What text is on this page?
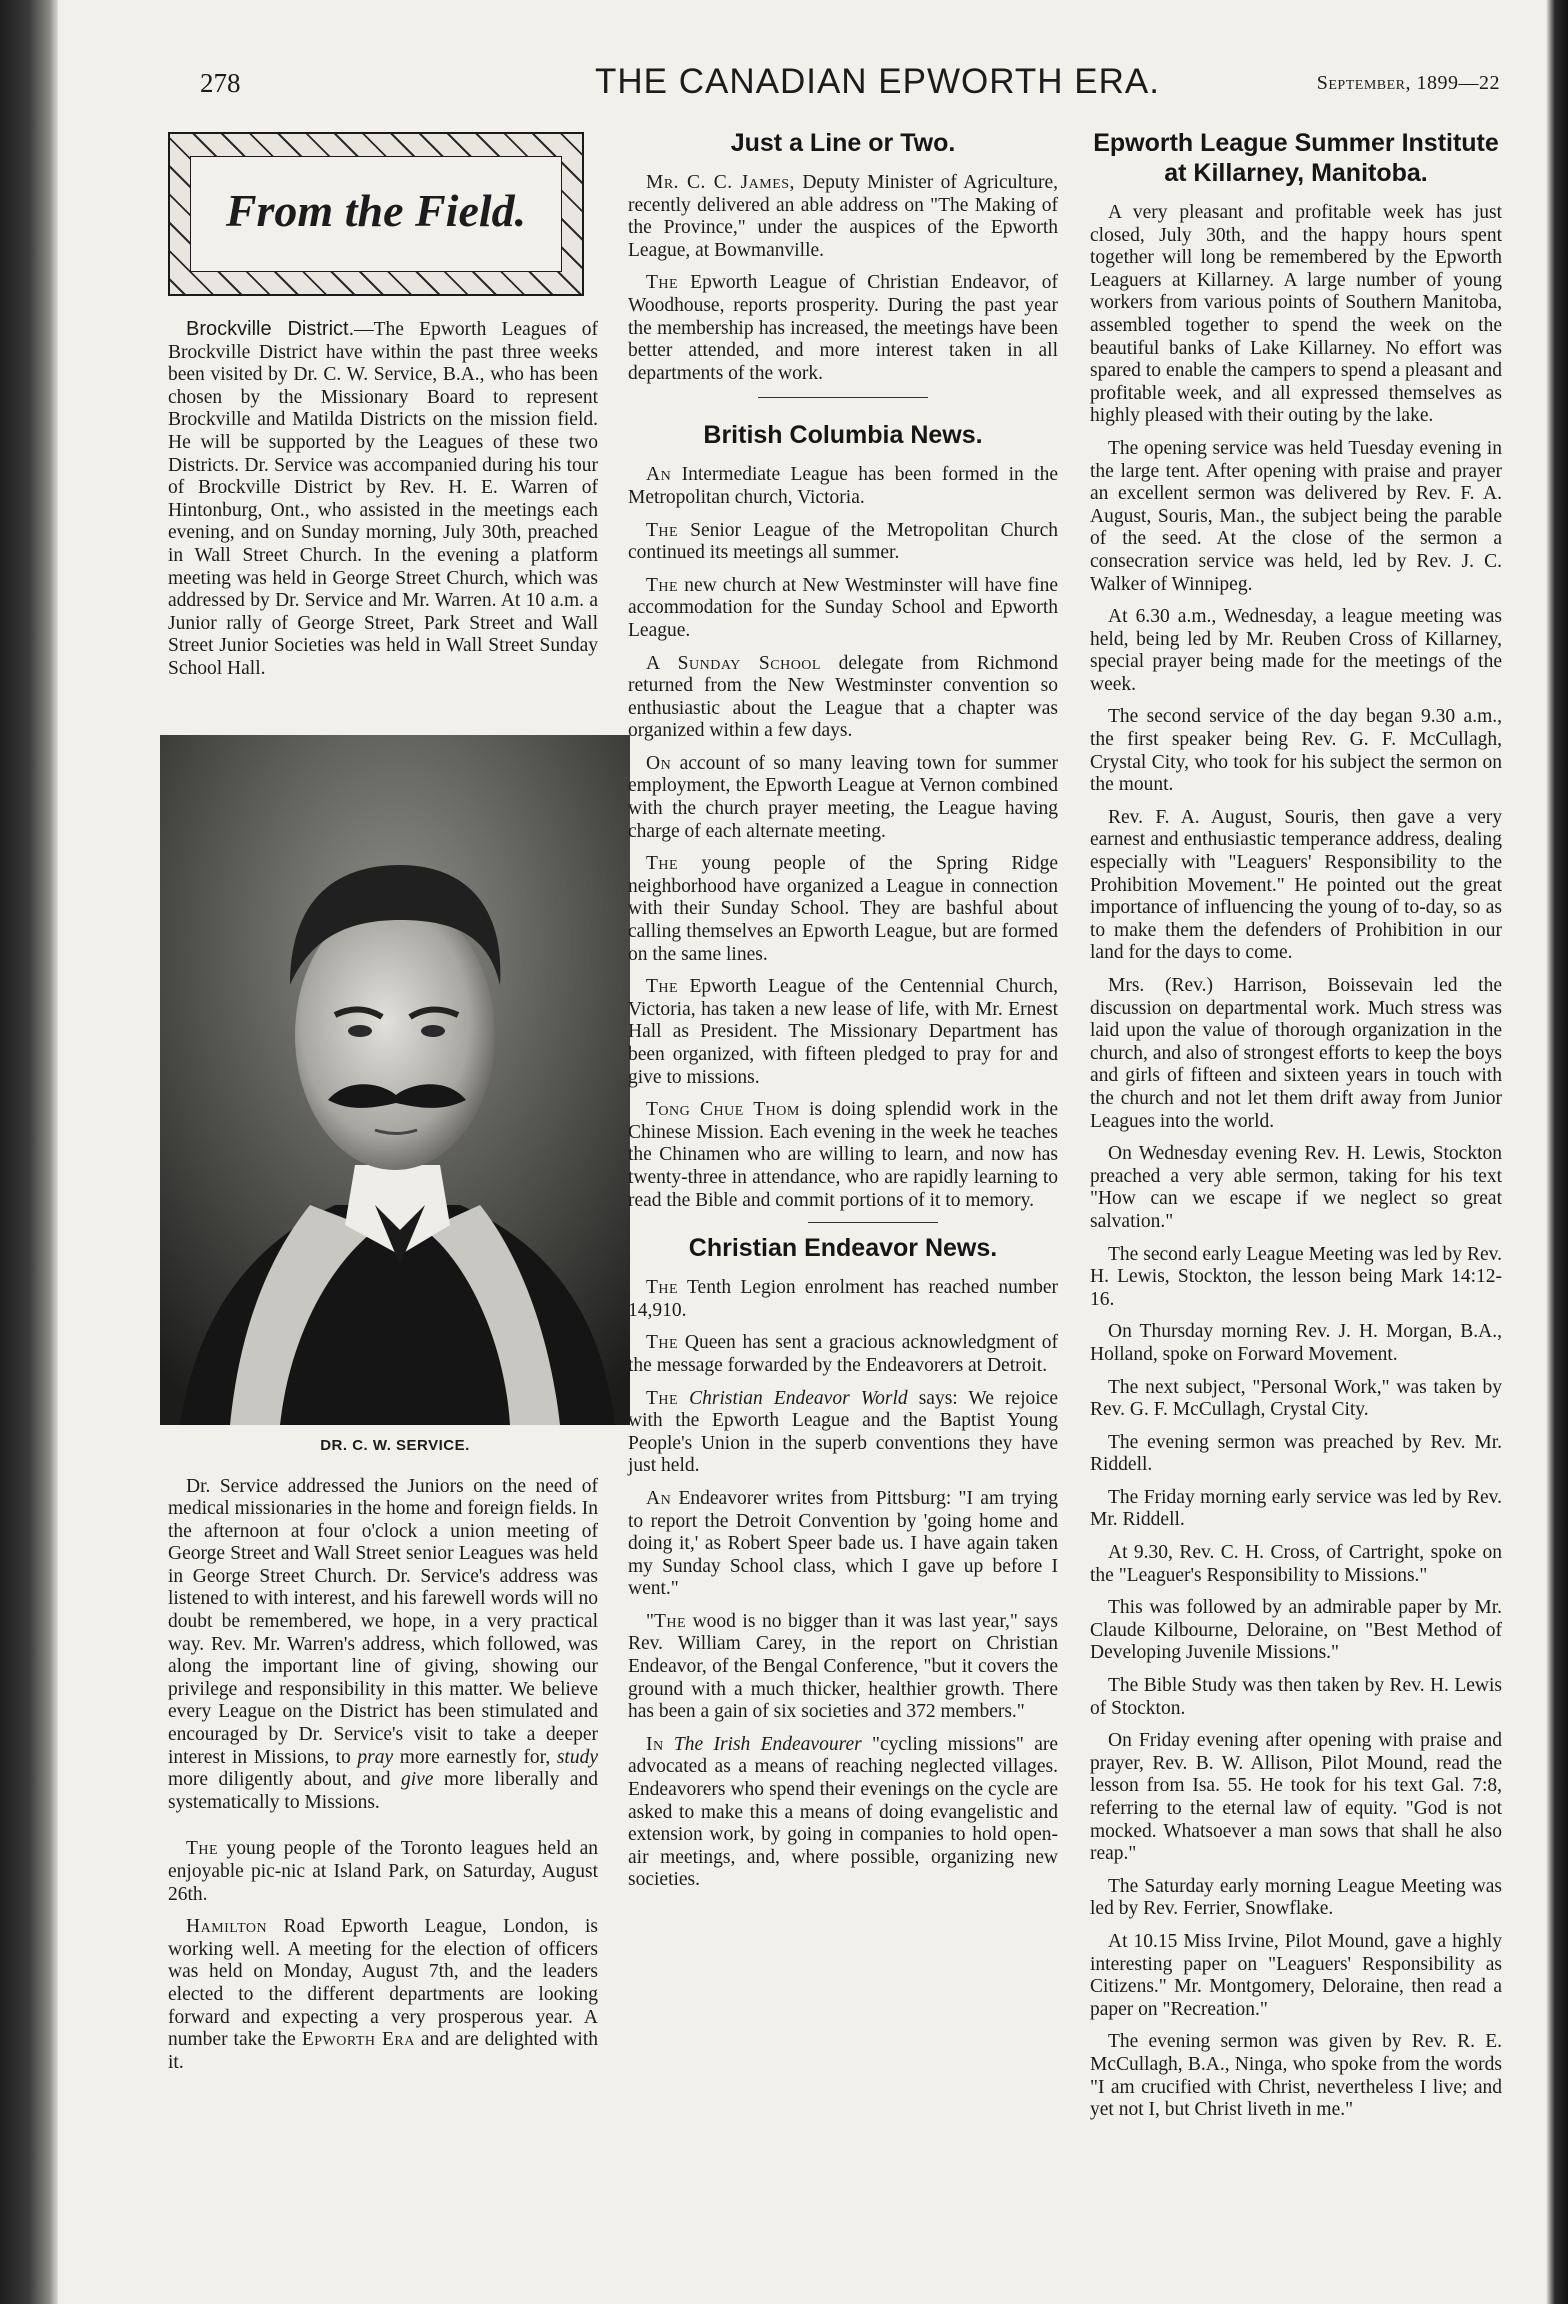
278	THE CANADIAN EPWORTH ERA.	September, 1899—22
From the Field.

Brockville District.—The Epworth Leagues of Brockville District have within the past three weeks been visited by Dr. C. W. Service, B.A., who has been chosen by the Missionary Board to represent Brockville and Matilda Districts on the mission field. He will be supported by the Leagues of these two Districts. Dr. Service was accompanied during his tour of Brockville District by Rev. H. E. Warren of Hintonburg, Ont., who assisted in the meetings each evening, and on Sunday morning, July 30th, preached in Wall Street Church. In the evening a platform meeting was held in George Street Church, which was addressed by Dr. Service and Mr. Warren. At 10 a.m. a Junior rally of George Street, Park Street and Wall Street Junior Societies was held in Wall Street Sunday School Hall.

DR. C. W. SERVICE.

Dr. Service addressed the Juniors on the need of medical missionaries in the home and foreign fields. In the afternoon at four o'clock a union meeting of George Street and Wall Street senior Leagues was held in George Street Church. Dr. Service's address was listened to with interest, and his farewell words will no doubt be remembered, we hope, in a very practical way. Rev. Mr. Warren's address, which followed, was along the important line of giving, showing our privilege and responsibility in this matter. We believe every League on the District has been stimulated and encouraged by Dr. Service's visit to take a deeper interest in Missions, to pray more earnestly for, study more diligently about, and give more liberally and systematically to Missions.

The young people of the Toronto leagues held an enjoyable pic-nic at Island Park, on Saturday, August 26th.

Hamilton Road Epworth League, London, is working well. A meeting for the election of officers was held on Monday, August 7th, and the leaders elected to the different departments are looking forward and expecting a very prosperous year. A number take the Epworth Era and are delighted with it.

Just a Line or Two.

Mr. C. C. James, Deputy Minister of Agriculture, recently delivered an able address on "The Making of the Province," under the auspices of the Epworth League, at Bowmanville.

The Epworth League of Christian Endeavor, of Woodhouse, reports prosperity. During the past year the membership has increased, the meetings have been better attended, and more interest taken in all departments of the work.

British Columbia News.

An Intermediate League has been formed in the Metropolitan church, Victoria.

The Senior League of the Metropolitan Church continued its meetings all summer.

The new church at New Westminster will have fine accommodation for the Sunday School and Epworth League.

A Sunday School delegate from Richmond returned from the New Westminster convention so enthusiastic about the League that a chapter was organized within a few days.

On account of so many leaving town for summer employment, the Epworth League at Vernon combined with the church prayer meeting, the League having charge of each alternate meeting.

The young people of the Spring Ridge neighborhood have organized a League in connection with their Sunday School. They are bashful about calling themselves an Epworth League, but are formed on the same lines.

The Epworth League of the Centennial Church, Victoria, has taken a new lease of life, with Mr. Ernest Hall as President. The Missionary Department has been organized, with fifteen pledged to pray for and give to missions.

Tong Chue Thom is doing splendid work in the Chinese Mission. Each evening in the week he teaches the Chinamen who are willing to learn, and now has twenty-three in attendance, who are rapidly learning to read the Bible and commit portions of it to memory.

Christian Endeavor News.

The Tenth Legion enrolment has reached number 14,910.

The Queen has sent a gracious acknowledgment of the message forwarded by the Endeavorers at Detroit.

The Christian Endeavor World says: We rejoice with the Epworth League and the Baptist Young People's Union in the superb conventions they have just held.

An Endeavorer writes from Pittsburg: "I am trying to report the Detroit Convention by 'going home and doing it,' as Robert Speer bade us. I have again taken my Sunday School class, which I gave up before I went."

"The wood is no bigger than it was last year," says Rev. William Carey, in the report on Christian Endeavor, of the Bengal Conference, "but it covers the ground with a much thicker, healthier growth. There has been a gain of six societies and 372 members."

In The Irish Endeavourer "cycling missions" are advocated as a means of reaching neglected villages. Endeavorers who spend their evenings on the cycle are asked to make this a means of doing evangelistic and extension work, by going in companies to hold open-air meetings, and, where possible, organizing new societies.

Epworth League Summer Institute at Killarney, Manitoba.

A very pleasant and profitable week has just closed, July 30th, and the happy hours spent together will long be remembered by the Epworth Leaguers at Killarney. A large number of young workers from various points of Southern Manitoba, assembled together to spend the week on the beautiful banks of Lake Killarney. No effort was spared to enable the campers to spend a pleasant and profitable week, and all expressed themselves as highly pleased with their outing by the lake.

The opening service was held Tuesday evening in the large tent. After opening with praise and prayer an excellent sermon was delivered by Rev. F. A. August, Souris, Man., the subject being the parable of the seed. At the close of the sermon a consecration service was held, led by Rev. J. C. Walker of Winnipeg.

At 6.30 a.m., Wednesday, a league meeting was held, being led by Mr. Reuben Cross of Killarney, special prayer being made for the meetings of the week.

The second service of the day began 9.30 a.m., the first speaker being Rev. G. F. McCullagh, Crystal City, who took for his subject the sermon on the mount.

Rev. F. A. August, Souris, then gave a very earnest and enthusiastic temperance address, dealing especially with "Leaguers' Responsibility to the Prohibition Movement." He pointed out the great importance of influencing the young of to-day, so as to make them the defenders of Prohibition in our land for the days to come.

Mrs. (Rev.) Harrison, Boissevain led the discussion on departmental work. Much stress was laid upon the value of thorough organization in the church, and also of strongest efforts to keep the boys and girls of fifteen and sixteen years in touch with the church and not let them drift away from Junior Leagues into the world.

On Wednesday evening Rev. H. Lewis, Stockton preached a very able sermon, taking for his text "How can we escape if we neglect so great salvation."

The second early League Meeting was led by Rev. H. Lewis, Stockton, the lesson being Mark 14:12-16.

On Thursday morning Rev. J. H. Morgan, B.A., Holland, spoke on Forward Movement.

The next subject, "Personal Work," was taken by Rev. G. F. McCullagh, Crystal City.

The evening sermon was preached by Rev. Mr. Riddell.

The Friday morning early service was led by Rev. Mr. Riddell.

At 9.30, Rev. C. H. Cross, of Cartright, spoke on the "Leaguer's Responsibility to Missions."

This was followed by an admirable paper by Mr. Claude Kilbourne, Deloraine, on "Best Method of Developing Juvenile Missions."

The Bible Study was then taken by Rev. H. Lewis of Stockton.

On Friday evening after opening with praise and prayer, Rev. B. W. Allison, Pilot Mound, read the lesson from Isa. 55. He took for his text Gal. 7:8, referring to the eternal law of equity. "God is not mocked. Whatsoever a man sows that shall he also reap."

The Saturday early morning League Meeting was led by Rev. Ferrier, Snowflake.

At 10.15 Miss Irvine, Pilot Mound, gave a highly interesting paper on "Leaguers' Responsibility as Citizens." Mr. Montgomery, Deloraine, then read a paper on "Recreation."

The evening sermon was given by Rev. R. E. McCullagh, B.A., Ninga, who spoke from the words "I am crucified with Christ, nevertheless I live; and yet not I, but Christ liveth in me."
